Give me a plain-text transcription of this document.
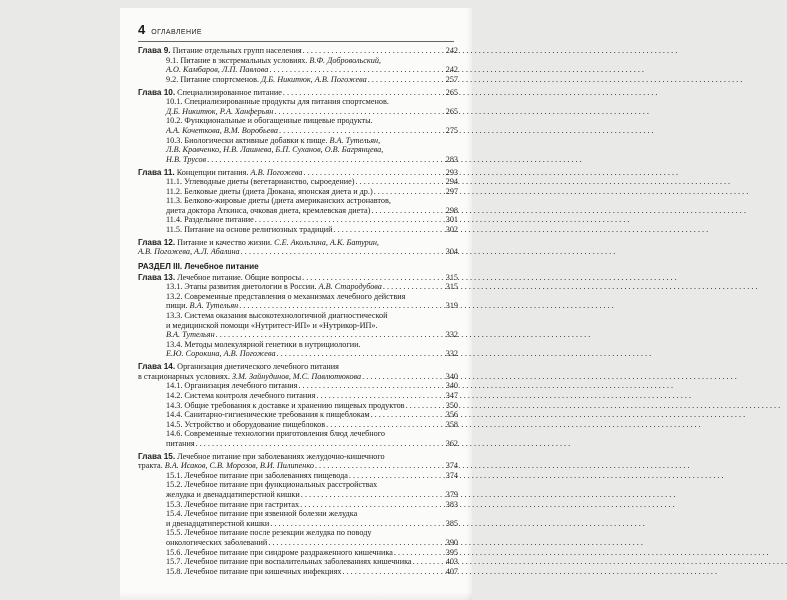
4 ОГЛАВЛЕНИЕ
Глава 9. Питание отдельных групп населения . . .	242
9.1. Питание в экстремальных условиях. В.Ф. Добровольский,
А.О. Камбаров, Л.П. Павлова . . .	242
9.2. Питание спортсменов. Д.Б. Никитюк, А.В. Погожева . . .	257
Глава 10. Специализированное питание . . .	265
10.1. Специализированные продукты для питания спортсменов.
Д.Б. Никитюк, Р.А. Ханферьян . . .	265
10.2. Функциональные и обогащенные пищевые продукты.
А.А. Кочеткова, В.М. Воробьева . . .	275
10.3. Биологически активные добавки к пище. В.А. Тутельян,
Л.В. Кравченко, Н.В. Лашнева, Б.П. Суханов, О.В. Багрянцева,
Н.В. Трусов . . .	283
Глава 11. Концепции питания. А.В. Погожева . . .	293
11.1. Углеводные диеты (вегетарианство, сыроедение) . . .	294
11.2. Белковые диеты (диета Дюкана, японская диета и др.) . . .	297
11.3. Белково-жировые диеты (диета американских астронавтов,
диета доктора Аткинса, очковая диета, кремлевская диета) . . .	298
11.4. Раздельное питание . . .	301
11.5. Питание на основе религиозных традиций . . .	302
Глава 12. Питание и качество жизни. С.Е. Акользина, А.К. Батурин,
А.В. Погожева, А.Л. Абалина . . .	304
РАЗДЕЛ III. Лечебное питание
Глава 13. Лечебное питание. Общие вопросы . . .	315
13.1. Этапы развития диетологии в России. А.В. Стародубова . . .	315
13.2. Современные представления о механизмах лечебного действия
пищи. В.А. Тутельян . . .	319
13.3. Система оказания высокотехнологичной диагностической
и медицинской помощи «Нутритест-ИП» и «Нутрикор-ИП».
В.А. Тутельян . . .	332
13.4. Методы молекулярной генетики в нутрициологии.
Е.Ю. Сорокина, А.В. Погожева . . .	332
Глава 14. Организация диетического лечебного питания
в стационарных условиях. З.М. Зайнудинов, М.С. Павлютюкова . . .	340
14.1. Организация лечебного питания . . .	340
14.2. Система контроля лечебного питания . . .	347
14.3. Общие требования к доставке и хранению пищевых продуктов . . .	350
14.4. Санитарно-гигиенические требования к пищеблокам . . .	356
14.5. Устройство и оборудование пищеблоков . . .	358
14.6. Современные технологии приготовления блюд лечебного
питания . . .	362
Глава 15. Лечебное питание при заболеваниях желудочно-кишечного
тракта. В.А. Исаков, С.В. Морозов, В.И. Пилипенко . . .	374
15.1. Лечебное питание при заболеваниях пищевода . . .	374
15.2. Лечебное питание при функциональных расстройствах
желудка и двенадцатиперстной кишки . . .	379
15.3. Лечебное питание при гастритах . . .	383
15.4. Лечебное питание при язвенной болезни желудка
и двенадцатиперстной кишки . . .	385
15.5. Лечебное питание после резекции желудка по поводу
онкологических заболеваний . . .	390
15.6. Лечебное питание при синдроме раздраженного кишечника . . .	395
15.7. Лечебное питание при воспалительных заболеваниях кишечника . . .	403
15.8. Лечебное питание при кишечных инфекциях . . .	407
